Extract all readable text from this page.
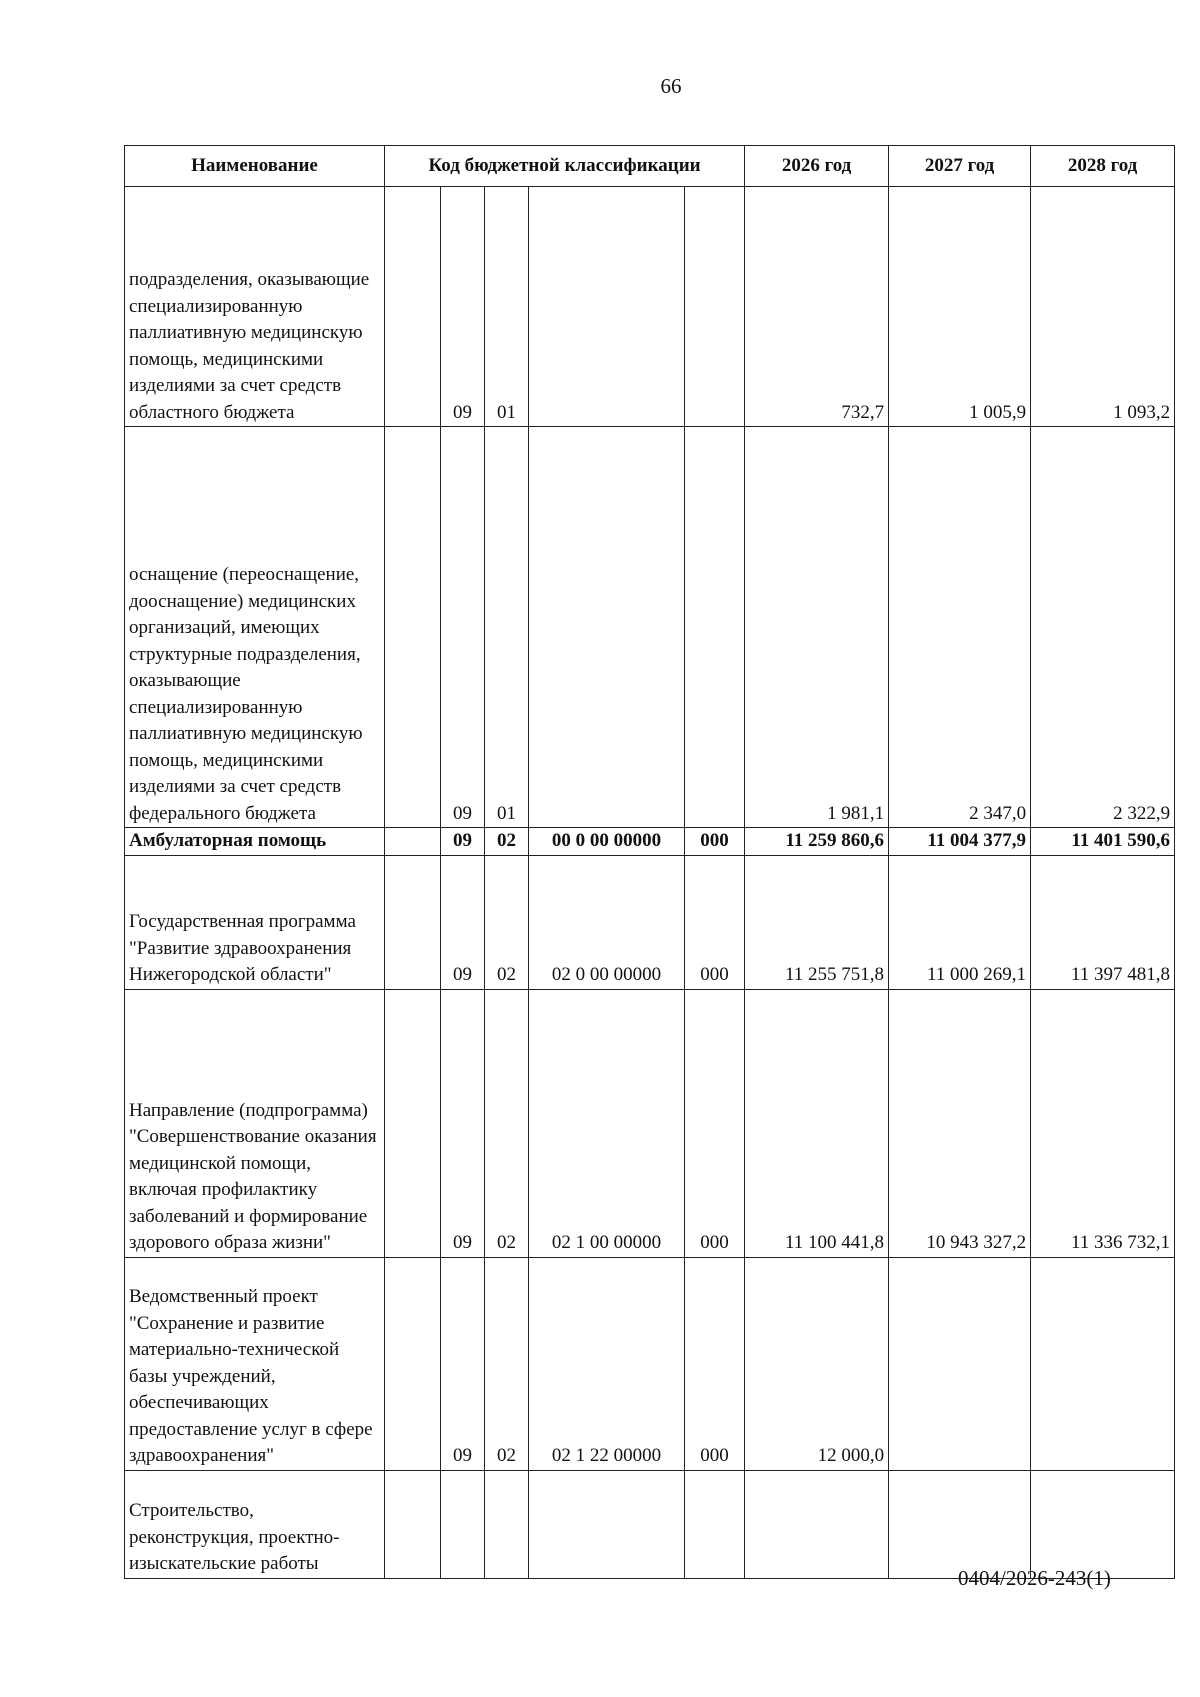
66
Наименование	Код бюджетной классификации					2026 год	2027 год	2028 год
подразделения, оказывающие специализированную паллиативную медицинскую помощь, медицинскими изделиями за счет средств областного бюджета		09	01			732,7	1 005,9	1 093,2
оснащение (переоснащение, дооснащение) медицинских организаций, имеющих структурные подразделения, оказывающие специализированную паллиативную медицинскую помощь, медицинскими изделиями за счет средств федерального бюджета		09	01			1 981,1	2 347,0	2 322,9
Амбулаторная помощь		09	02	00 0 00 00000	000	11 259 860,6	11 004 377,9	11 401 590,6
Государственная программа "Развитие здравоохранения Нижегородской области"		09	02	02 0 00 00000	000	11 255 751,8	11 000 269,1	11 397 481,8
Направление (подпрограмма) "Совершенствование оказания медицинской помощи, включая профилактику заболеваний и формирование здорового образа жизни"		09	02	02 1 00 00000	000	11 100 441,8	10 943 327,2	11 336 732,1
Ведомственный проект "Сохранение и развитие материально-технической базы учреждений, обеспечивающих предоставление услуг в сфере здравоохранения"		09	02	02 1 22 00000	000	12 000,0		
Строительство, реконструкция, проектно-изыскательские работы								
0404/2026-243(1)
